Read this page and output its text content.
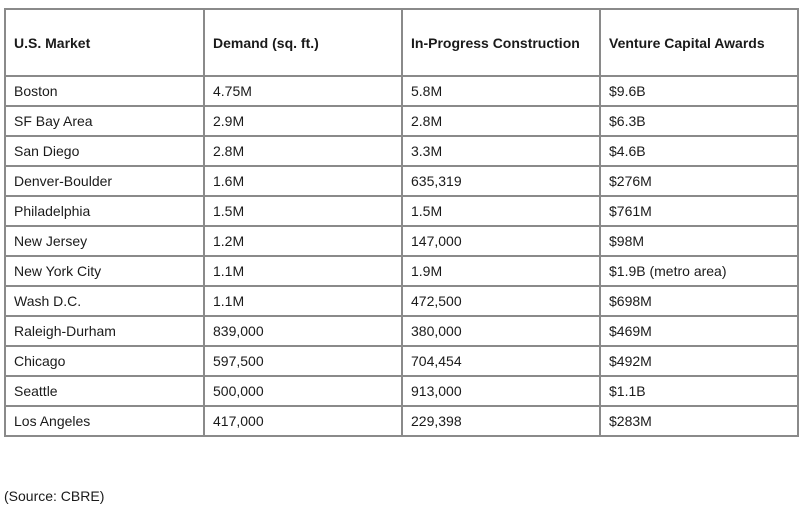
U.S. Market	Demand (sq. ft.)	In-Progress Construction	Venture Capital Awards
Boston	4.75M	5.8M	$9.6B
SF Bay Area	2.9M	2.8M	$6.3B
San Diego	2.8M	3.3M	$4.6B
Denver-Boulder	1.6M	635,319	$276M
Philadelphia	1.5M	1.5M	$761M
New Jersey	1.2M	147,000	$98M
New York City	1.1M	1.9M	$1.9B (metro area)
Wash D.C.	1.1M	472,500	$698M
Raleigh-Durham	839,000	380,000	$469M
Chicago	597,500	704,454	$492M
Seattle	500,000	913,000	$1.1B
Los Angeles	417,000	229,398	$283M
(Source: CBRE)
